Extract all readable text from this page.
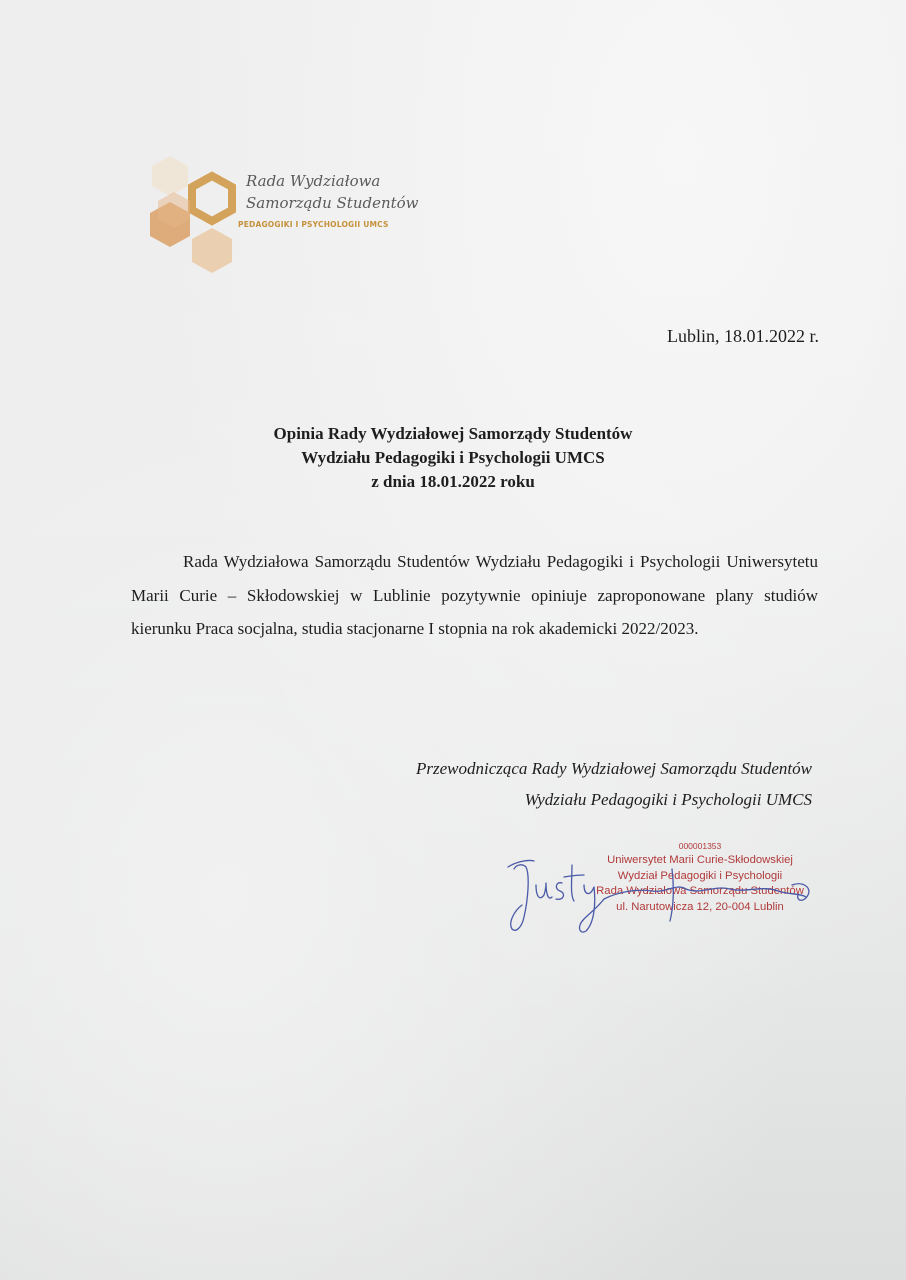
Rada Wydziałowa
Samorządu Studentów
PEDAGOGIKI I PSYCHOLOGII UMCS
Lublin, 18.01.2022 r.
Opinia Rady Wydziałowej Samorządy Studentów
Wydziału Pedagogiki i Psychologii UMCS
z dnia 18.01.2022 roku

Rada Wydziałowa Samorządu Studentów Wydziału Pedagogiki i Psychologii Uniwersytetu Marii Curie – Skłodowskiej w Lublinie pozytywnie opiniuje zaproponowane plany studiów kierunku Praca socjalna, studia stacjonarne I stopnia na rok akademicki 2022/2023.

Przewodnicząca Rady Wydziałowej Samorządu Studentów
Wydziału Pedagogiki i Psychologii UMCS
000001353
Uniwersytet Marii Curie-Skłodowskiej
Wydział Pedagogiki i Psychologii
Rada Wydziałowa Samorządu Studentów
ul. Narutowicza 12, 20-004 Lublin
